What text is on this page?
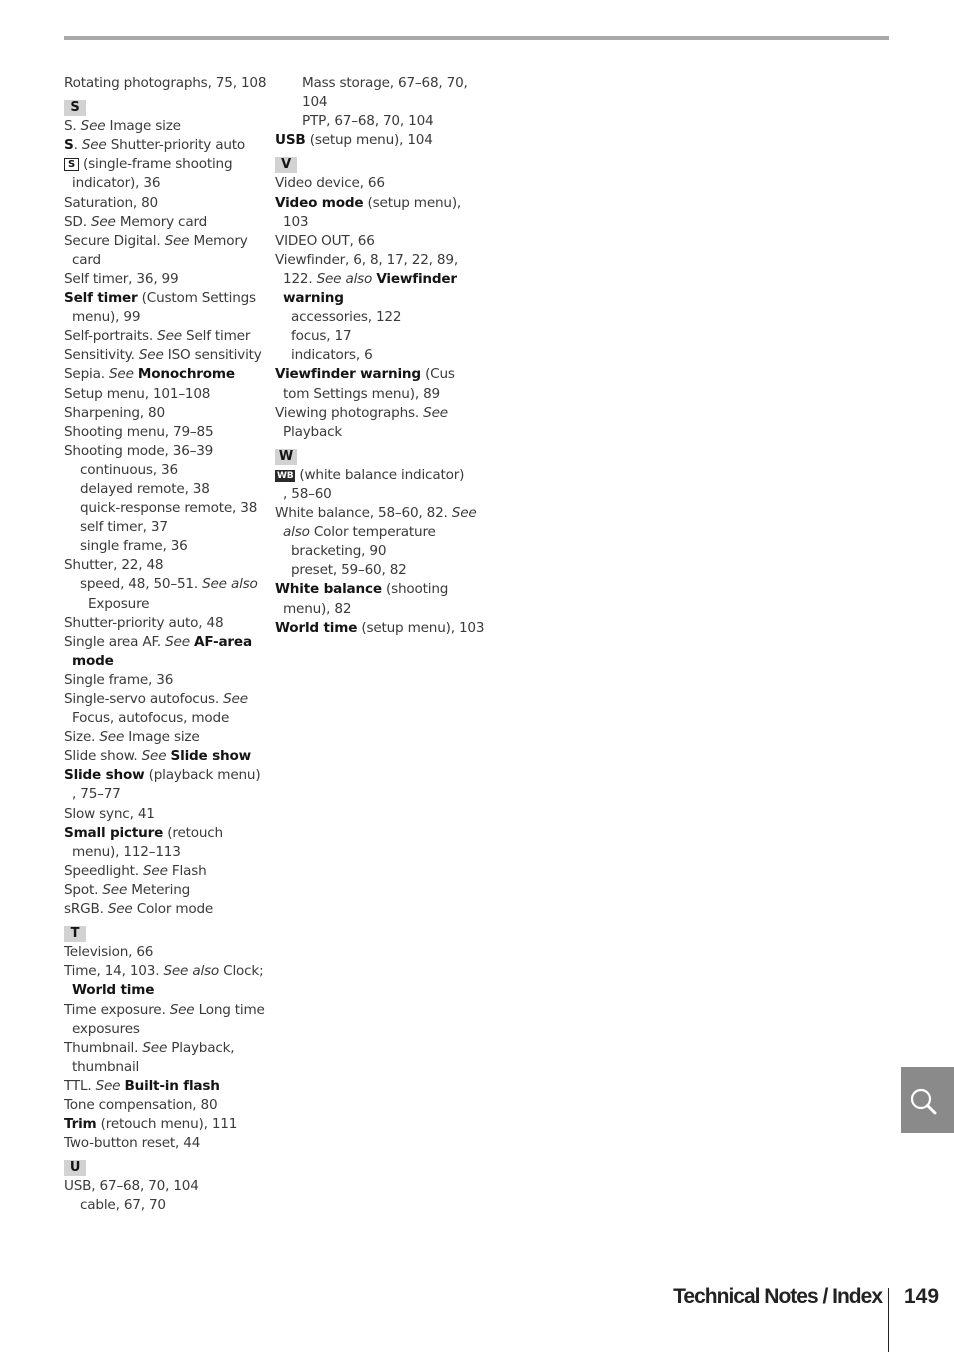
Rotating photographs, 75, 108
S
S. See Image size
S. See Shutter-priority auto
S (single-frame shooting
indicator), 36
Saturation, 80
SD. See Memory card
Secure Digital. See Memory
card
Self timer, 36, 99
Self timer (Custom Settings
menu), 99
Self-portraits. See Self timer
Sensitivity. See ISO sensitivity
Sepia. See Monochrome
Setup menu, 101–108
Sharpening, 80
Shooting menu, 79–85
Shooting mode, 36–39
continuous, 36
delayed remote, 38
quick-response remote, 38
self timer, 37
single frame, 36
Shutter, 22, 48
speed, 48, 50–51. See also
Exposure
Shutter-priority auto, 48
Single area AF. See AF-area
mode
Single frame, 36
Single-servo autofocus. See
Focus, autofocus, mode
Size. See Image size
Slide show. See Slide show
Slide show (playback menu)
, 75–77
Slow sync, 41
Small picture (retouch
menu), 112–113
Speedlight. See Flash
Spot. See Metering
sRGB. See Color mode
T
Television, 66
Time, 14, 103. See also Clock;
World time
Time exposure. See Long time
exposures
Thumbnail. See Playback,
thumbnail
TTL. See Built-in flash
Tone compensation, 80
Trim (retouch menu), 111
Two-button reset, 44
U
USB, 67–68, 70, 104
cable, 67, 70
Mass storage, 67–68, 70,
104
PTP, 67–68, 70, 104
USB (setup menu), 104
V
Video device, 66
Video mode (setup menu),
103
VIDEO OUT, 66
Viewfinder, 6, 8, 17, 22, 89,
122. See also Viewfinder
warning
accessories, 122
focus, 17
indicators, 6
Viewfinder warning (Cus
tom Settings menu), 89
Viewing photographs. See
Playback
W
WB (white balance indicator)
, 58–60
White balance, 58–60, 82. See
also Color temperature
bracketing, 90
preset, 59–60, 82
White balance (shooting
menu), 82
World time (setup menu), 103
Technical Notes / Index 149
